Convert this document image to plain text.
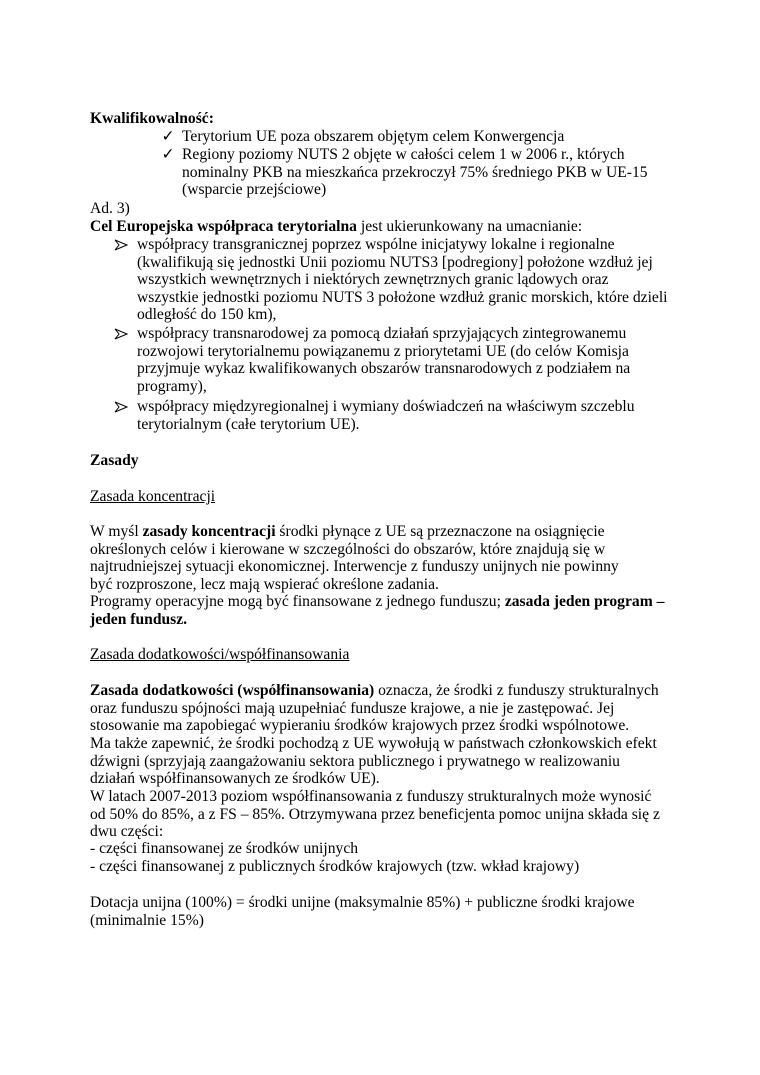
Kwalifikowalność:

✓ Terytorium UE poza obszarem objętym celem Konwergencja
✓ Regiony poziomy NUTS 2 objęte w całości celem 1 w 2006 r., których nominalny PKB na mieszkańca przekroczył 75% średniego PKB w UE-15 (wsparcie przejściowe)

Ad. 3)

Cel Europejska współpraca terytorialna jest ukierunkowany na umacnianie:

współpracy transgranicznej poprzez wspólne inicjatywy lokalne i regionalne (kwalifikują się jednostki Unii poziomu NUTS3 [podregiony] położone wzdłuż jej wszystkich wewnętrznych i niektórych zewnętrznych granic lądowych oraz wszystkie jednostki poziomu NUTS 3 położone wzdłuż granic morskich, które dzieli odległość do 150 km),
współpracy transnarodowej za pomocą działań sprzyjających zintegrowanemu rozwojowi terytorialnemu powiązanemu z priorytetami UE (do celów Komisja przyjmuje wykaz kwalifikowanych obszarów transnarodowych z podziałem na programy),
współpracy międzyregionalnej i wymiany doświadczeń na właściwym szczeblu terytorialnym (całe terytorium UE).

Zasady

Zasada koncentracji

W myśl zasady koncentracji środki płynące z UE są przeznaczone na osiągnięcie określonych celów i kierowane w szczególności do obszarów, które znajdują się w najtrudniejszej sytuacji ekonomicznej. Interwencje z funduszy unijnych nie powinny być rozproszone, lecz mają wspierać określone zadania.

Programy operacyjne mogą być finansowane z jednego funduszu; zasada jeden program – jeden fundusz.

Zasada dodatkowości/współfinansowania

Zasada dodatkowości (współfinansowania) oznacza, że środki z funduszy strukturalnych oraz funduszu spójności mają uzupełniać fundusze krajowe, a nie je zastępować. Jej stosowanie ma zapobiegać wypieraniu środków krajowych przez środki wspólnotowe.

Ma także zapewnić, że środki pochodzą z UE wywołują w państwach członkowskich efekt dźwigni (sprzyjają zaangażowaniu sektora publicznego i prywatnego w realizowaniu działań współfinansowanych ze środków UE).

W latach 2007-2013 poziom współfinansowania z funduszy strukturalnych może wynosić od 50% do 85%, a z FS – 85%. Otrzymywana przez beneficjenta pomoc unijna składa się z dwu części:

- części finansowanej ze środków unijnych

- części finansowanej z publicznych środków krajowych (tzw. wkład krajowy)

Dotacja unijna (100%) = środki unijne (maksymalnie 85%) + publiczne środki krajowe (minimalnie 15%)
